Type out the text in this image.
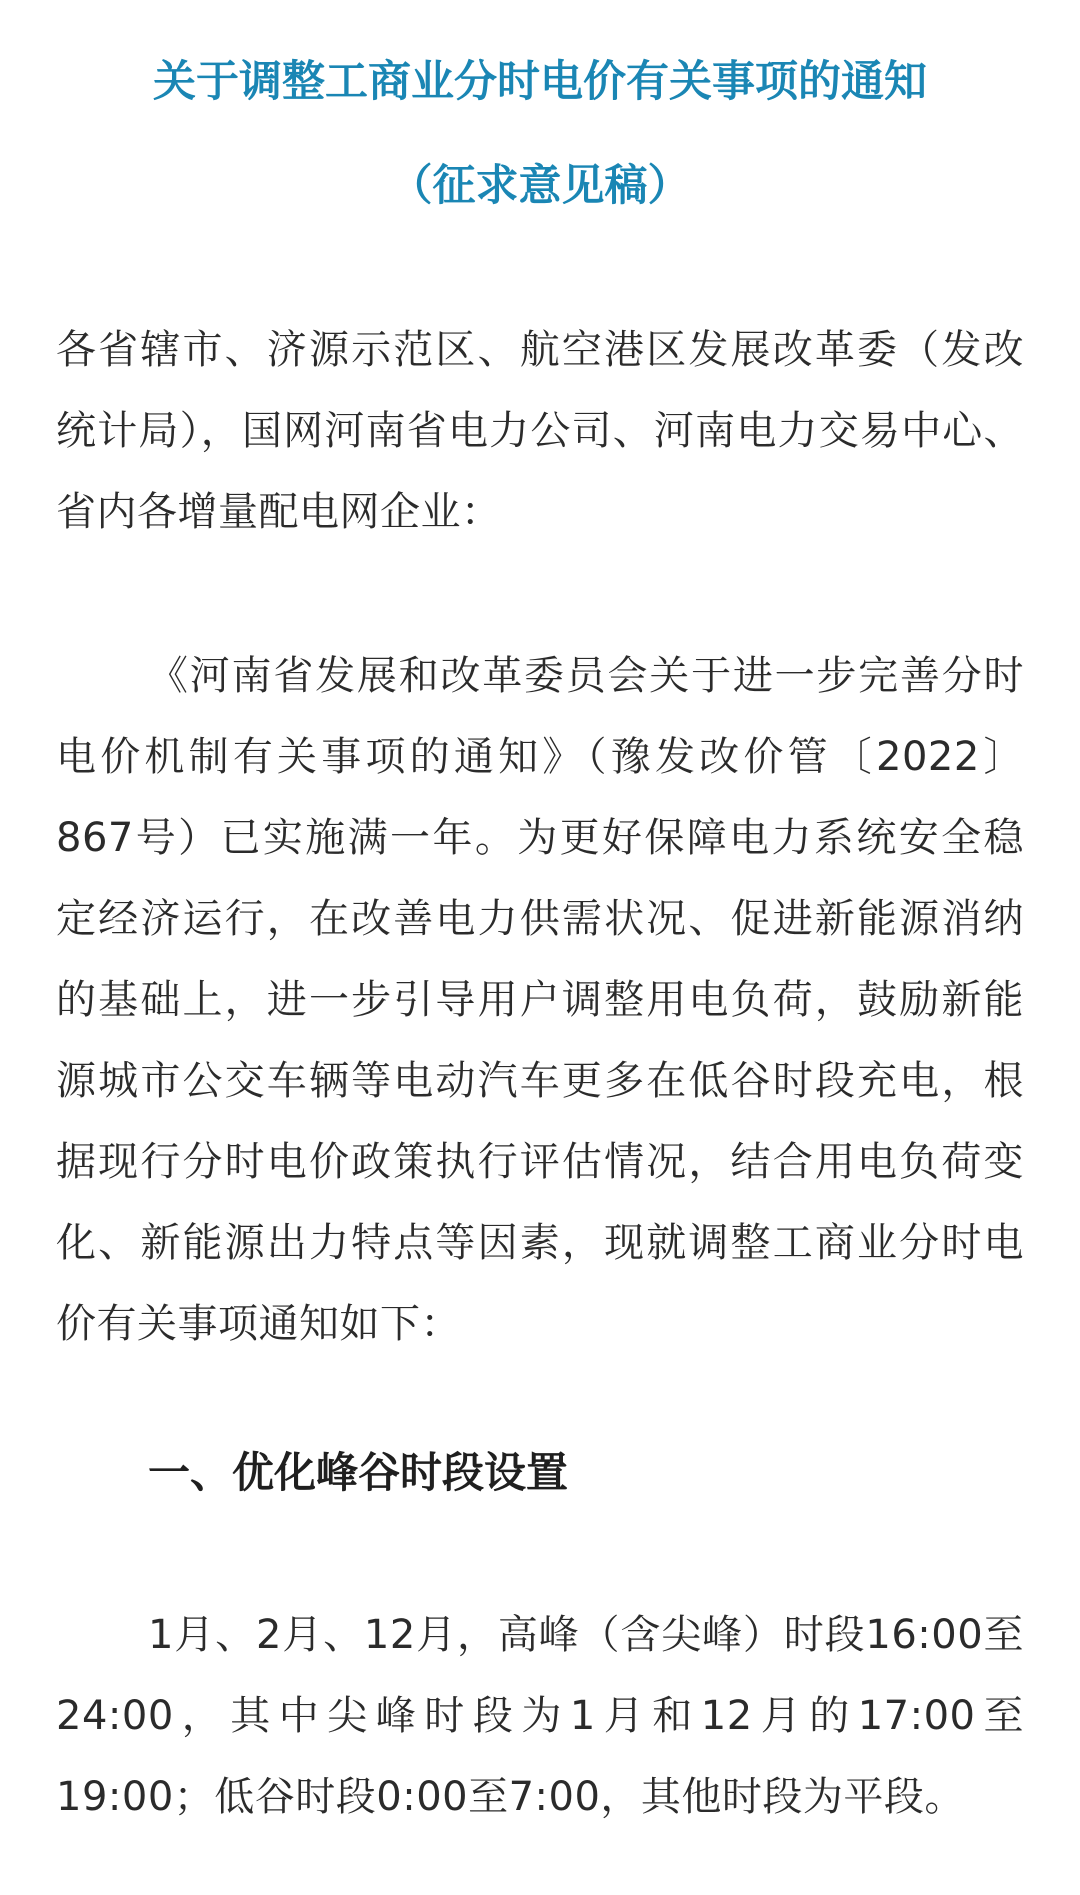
关于调整工商业分时电价有关事项的通知
（征求意见稿）

各省辖市、济源示范区、航空港区发展改革委（发改统计局），国网河南省电力公司、河南电力交易中心、省内各增量配电网企业：

《河南省发展和改革委员会关于进一步完善分时电价机制有关事项的通知》（豫发改价管〔2022〕867号）已实施满一年。为更好保障电力系统安全稳定经济运行，在改善电力供需状况、促进新能源消纳的基础上，进一步引导用户调整用电负荷，鼓励新能源城市公交车辆等电动汽车更多在低谷时段充电，根据现行分时电价政策执行评估情况，结合用电负荷变化、新能源出力特点等因素，现就调整工商业分时电价有关事项通知如下：

一、优化峰谷时段设置

1月、2月、12月，高峰（含尖峰）时段16:00至24:00，其中尖峰时段为1月和12月的17:00至19:00；低谷时段0:00至7:00，其他时段为平段。
